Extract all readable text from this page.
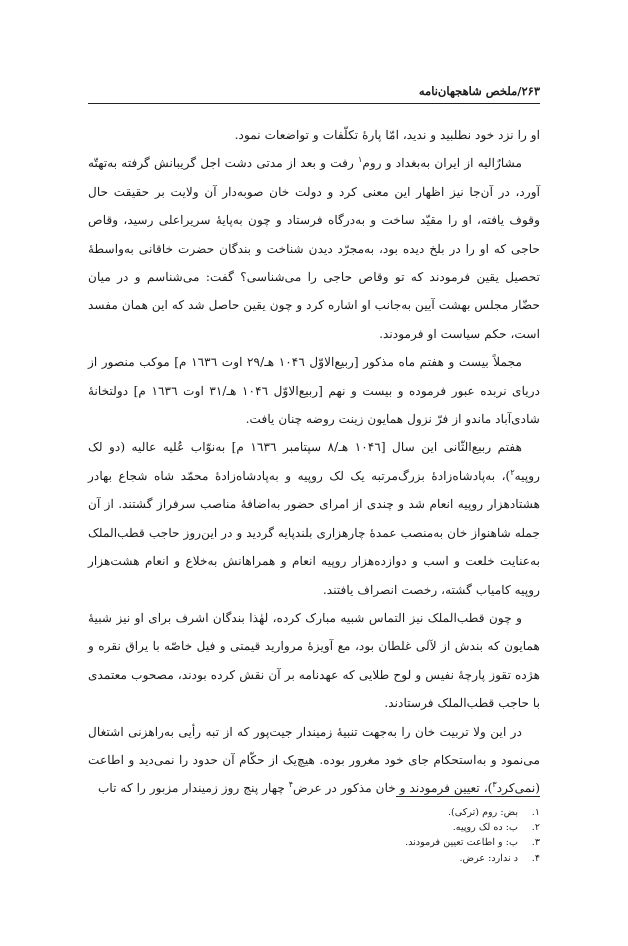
۲۶۳/ملخص شاهجهان‌نامه

او را نزد خود نطلبید و ندید، امّا پارهٔ تکلّفات و تواضعات نمود.

مشارٌالیه از ایران به‌بغداد و روم$^۱$ رفت و بعد از مدتی دشت اجل گریبانش گرفته به‌تهتّه آورد، در آن‌جا نیز اظهار این معنی کرد و دولت خان صوبه‌دار آن ولایت بر حقیقت حال وقوف یافته، او را مقیّد ساخت و به‌درگاه فرستاد و چون به‌پایهٔ سریراعلی رسید، وقاص حاجی که او را در بلخ دیده بود، به‌مجرّد دیدن شناخت و بندگان حضرت خاقانی به‌واسطهٔ تحصیل یقین فرمودند که تو وقاص حاجی را می‌شناسی؟ گفت: می‌شناسم و در میان حضّار مجلس بهشت آیین به‌جانب او اشاره کرد و چون یقین حاصل شد که این همان مفسد است، حکم سیاست او فرمودند.

مجملاً بیست و هفتم ماه مذکور [ربیع‌الاوّل ۱۰۴٦ هـ/۲۹ اوت ۱٦۳٦ م] موکب منصور از دریای نربده عبور فرموده و بیست و نهم [ربیع‌الاوّل ۱۰۴٦ هـ/۳۱ اوت ۱٦۳٦ م] دولتخانهٔ شادی‌آباد ماندو از فرّ نزول همایون زینت روضه چنان یافت.

هفتم ربیع‌الثّانی این سال [۱۰۴٦ هـ/۸ سپتامبر ۱٦۳٦ م] به‌نوّاب عُلیه عالیه (دو لک روپیه$^۲$)، به‌پادشاه‌زادهٔ بزرگ‌مرتبه یک لک روپیه و به‌پادشاه‌زادهٔ محمّد شاه شجاع بهادر هشتادهزار روپیه انعام شد و چندی از امرای حضور به‌اضافهٔ مناصب سرفراز گشتند. از آن جمله شاهنواز خان به‌منصب عمدهٔ چارهزاری بلندپایه گردید و در این‌روز حاجب قطب‌الملک به‌عنایت خلعت و اسب و دوازده‌هزار روپیه انعام و همراهانش به‌خلاع و انعام هشت‌هزار روپیه کامیاب گشته، رخصت انصراف یافتند.

و چون قطب‌الملک نیز التماس شبیه مبارک کرده، لهٰذا بندگان اشرف برای او نیز شبیهٔ همایون که بندش از لآلی غلطان بود، مع آویزهٔ مروارید قیمتی و فیل خاصّه با یراق نقره و هژده تقوز پارچهٔ نفیس و لوح طلایی که عهدنامه بر آن نقش کرده بودند، مصحوب معتمدی با حاجب قطب‌الملک فرستادند.

در این ولا تربیت خان را به‌جهت تنبیهٔ زمیندار جیت‌پور که از تبه رأیی به‌راهزنی اشتغال می‌نمود و به‌استحکام جای خود مغرور بوده. هیچ‌یک از حکّام آن حدود را نمی‌دید و اطاعت (نمی‌کرد$^۳$)، تعیین فرمودند و خان مذکور در عرض$^۴$ چهار پنج روز زمیندار مزبور را که تاب

۱.بض: روم (ترکی).
۲.ب: ده لک روپیه.
۳.ب: و اطاعت تعیین فرمودند.
۴.د ندارد: عرض.
